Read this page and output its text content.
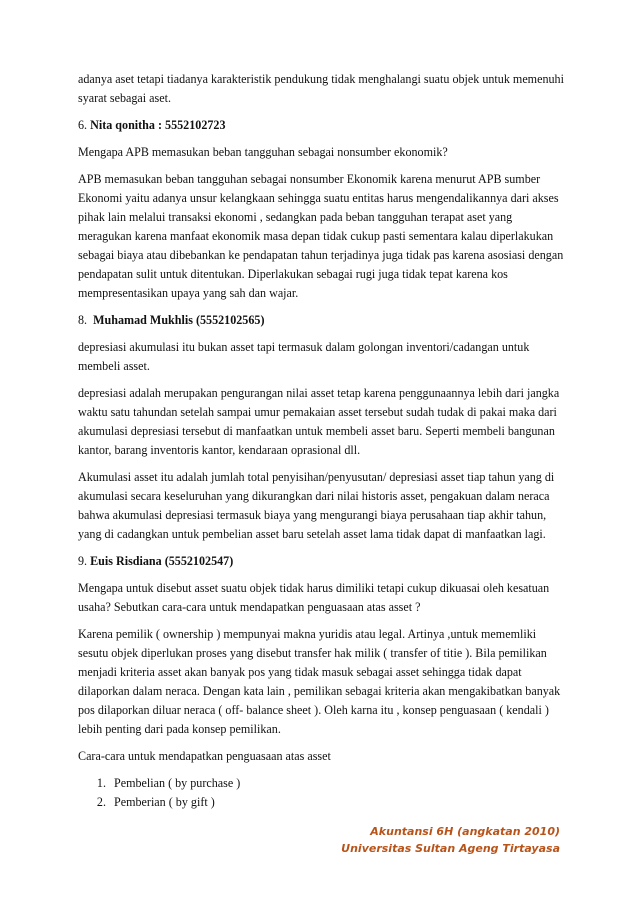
adanya aset tetapi tiadanya karakteristik pendukung tidak menghalangi suatu objek untuk memenuhi syarat sebagai aset.

6. Nita qonitha : 5552102723

Mengapa APB memasukan beban tangguhan sebagai nonsumber ekonomik?

APB memasukan beban tangguhan sebagai nonsumber Ekonomik karena menurut APB sumber Ekonomi yaitu adanya unsur kelangkaan sehingga suatu entitas harus mengendalikannya dari akses pihak lain melalui transaksi ekonomi , sedangkan pada beban tangguhan terapat aset yang meragukan karena manfaat ekonomik masa depan tidak cukup pasti sementara kalau diperlakukan sebagai biaya atau dibebankan ke pendapatan tahun terjadinya juga tidak pas karena asosiasi dengan pendapatan sulit untuk ditentukan. Diperlakukan sebagai rugi juga tidak tepat karena kos mempresentasikan upaya yang sah dan wajar.

8. Muhamad Mukhlis (5552102565)

depresiasi akumulasi itu bukan asset tapi termasuk dalam golongan inventori/cadangan untuk membeli asset.

depresiasi adalah merupakan pengurangan nilai asset tetap karena penggunaannya lebih dari jangka waktu satu tahundan setelah sampai umur pemakaian asset tersebut sudah tudak di pakai maka dari akumulasi depresiasi tersebut di manfaatkan untuk membeli asset baru. Seperti membeli bangunan kantor, barang inventoris kantor, kendaraan oprasional dll.

Akumulasi asset itu adalah jumlah total penyisihan/penyusutan/ depresiasi asset tiap tahun yang di akumulasi secara keseluruhan yang dikurangkan dari nilai historis asset, pengakuan dalam neraca bahwa akumulasi depresiasi termasuk biaya yang mengurangi biaya perusahaan tiap akhir tahun, yang di cadangkan untuk pembelian asset baru setelah asset lama tidak dapat di manfaatkan lagi.

9. Euis Risdiana (5552102547)

Mengapa untuk disebut asset suatu objek tidak harus dimiliki tetapi cukup dikuasai oleh kesatuan usaha? Sebutkan cara-cara untuk mendapatkan penguasaan atas asset ?

Karena pemilik ( ownership ) mempunyai makna yuridis atau legal. Artinya ,untuk mememliki sesutu objek diperlukan proses yang disebut transfer hak milik ( transfer of titie ). Bila pemilikan menjadi kriteria asset akan banyak pos yang tidak masuk sebagai asset sehingga tidak dapat dilaporkan dalam neraca. Dengan kata lain , pemilikan sebagai kriteria akan mengakibatkan banyak pos dilaporkan diluar neraca ( off- balance sheet ). Oleh karna itu , konsep penguasaan ( kendali ) lebih penting dari pada konsep pemilikan.

Cara-cara untuk mendapatkan penguasaan atas asset

1. Pembelian ( by purchase )
2. Pemberian ( by gift )
Akuntansi 6H (angkatan 2010)
Universitas Sultan Ageng Tirtayasa
